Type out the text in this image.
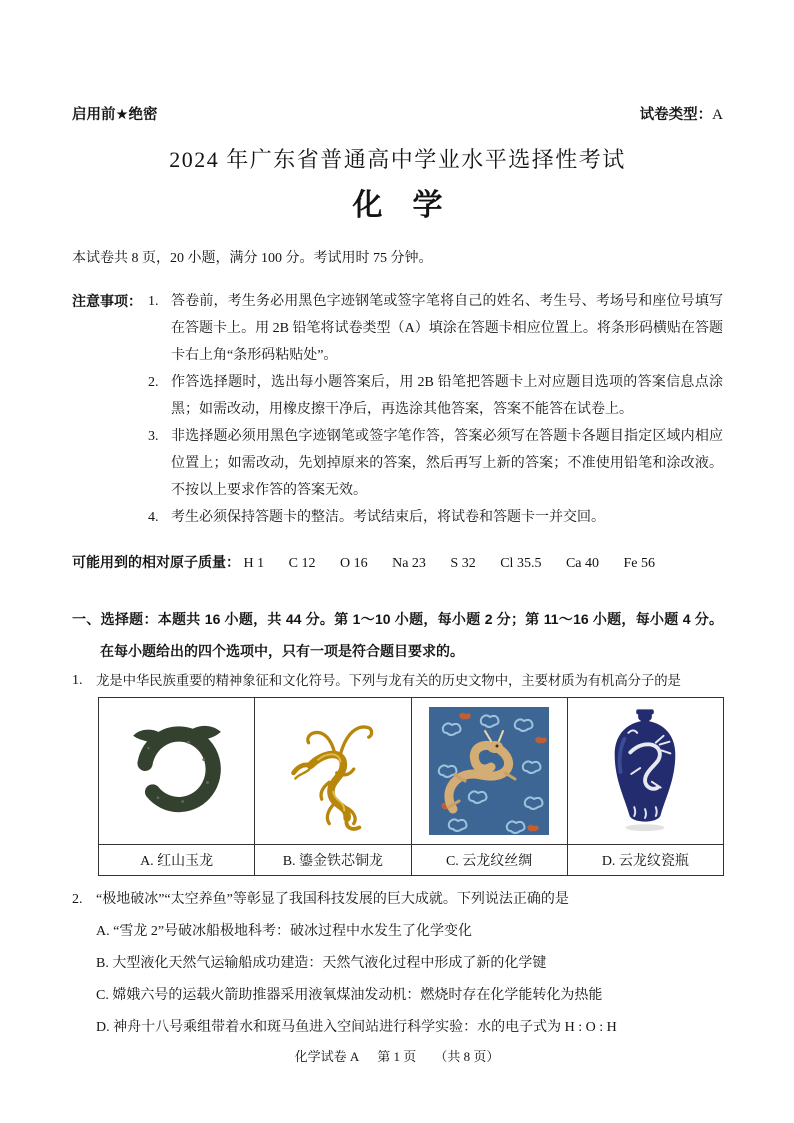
启用前★绝密	试卷类型：A
2024 年广东省普通高中学业水平选择性考试
化　学

本试卷共 8 页，20 小题，满分 100 分。考试用时 75 分钟。

注意事项： 1. 答卷前，考生务必用黑色字迹钢笔或签字笔将自己的姓名、考生号、考场号和座位号填写在答题卡上。用 2B 铅笔将试卷类型（A）填涂在答题卡相应位置上。将条形码横贴在答题卡右上角“条形码粘贴处”。
2. 作答选择题时，选出每小题答案后，用 2B 铅笔把答题卡上对应题目选项的答案信息点涂黑；如需改动，用橡皮擦干净后，再选涂其他答案，答案不能答在试卷上。
3. 非选择题必须用黑色字迹钢笔或签字笔作答，答案必须写在答题卡各题目指定区域内相应位置上；如需改动，先划掉原来的答案，然后再写上新的答案；不准使用铅笔和涂改液。不按以上要求作答的答案无效。
4. 考生必须保持答题卡的整洁。考试结束后，将试卷和答题卡一并交回。

可能用到的相对原子质量： H 1 C 12 O 16 Na 23 S 32 Cl 35.5 Ca 40 Fe 56

一、选择题：本题共 16 小题，共 44 分。第 1～10 小题，每小题 2 分；第 11～16 小题，每小题 4 分。在每小题给出的四个选项中，只有一项是符合题目要求的。
1.	龙是中华民族重要的精神象征和文化符号。下列与龙有关的历史文物中，主要材质为有机高分子的是

A. 红山玉龙	B. 鎏金铁芯铜龙	C. 云龙纹丝绸	D. 云龙纹瓷瓶
2. “极地破冰”“太空养鱼”等彰显了我国科技发展的巨大成就。下列说法正确的是
A. “雪龙 2”号破冰船极地科考：破冰过程中水发生了化学变化
B. 大型液化天然气运输船成功建造：天然气液化过程中形成了新的化学键
C. 嫦娥六号的运载火箭助推器采用液氧煤油发动机：燃烧时存在化学能转化为热能
D. 神舟十八号乘组带着水和斑马鱼进入空间站进行科学实验：水的电子式为 H : O : H
化学试卷 A 第 1 页 （共 8 页）
